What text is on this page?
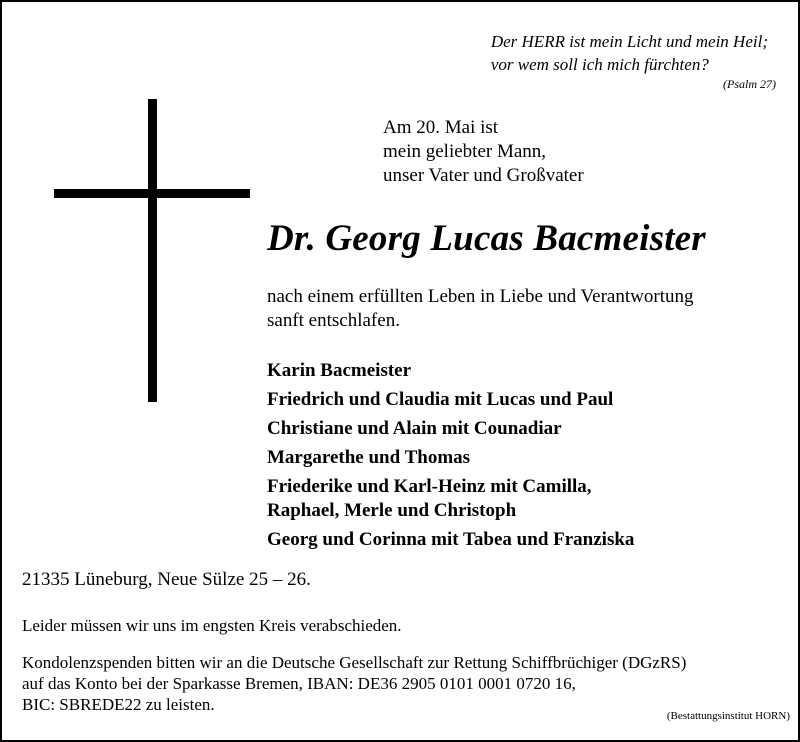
Der HERR ist mein Licht und mein Heil;
vor wem soll ich mich fürchten?
(Psalm 27)
Am 20. Mai ist
mein geliebter Mann,
unser Vater und Großvater
Dr. Georg Lucas Bacmeister
nach einem erfüllten Leben in Liebe und Verantwortung
sanft entschlafen.
Karin Bacmeister
Friedrich und Claudia mit Lucas und Paul
Christiane und Alain mit Counadiar
Margarethe und Thomas
Friederike und Karl-Heinz mit Camilla,
Raphael, Merle und Christoph
Georg und Corinna mit Tabea und Franziska
21335 Lüneburg, Neue Sülze 25 – 26.
Leider müssen wir uns im engsten Kreis verabschieden.
Kondolenzspenden bitten wir an die Deutsche Gesellschaft zur Rettung Schiffbrüchiger (DGzRS)
auf das Konto bei der Sparkasse Bremen, IBAN: DE36 2905 0101 0001 0720 16,
BIC: SBREDE22 zu leisten.
(Bestattungsinstitut HORN)
